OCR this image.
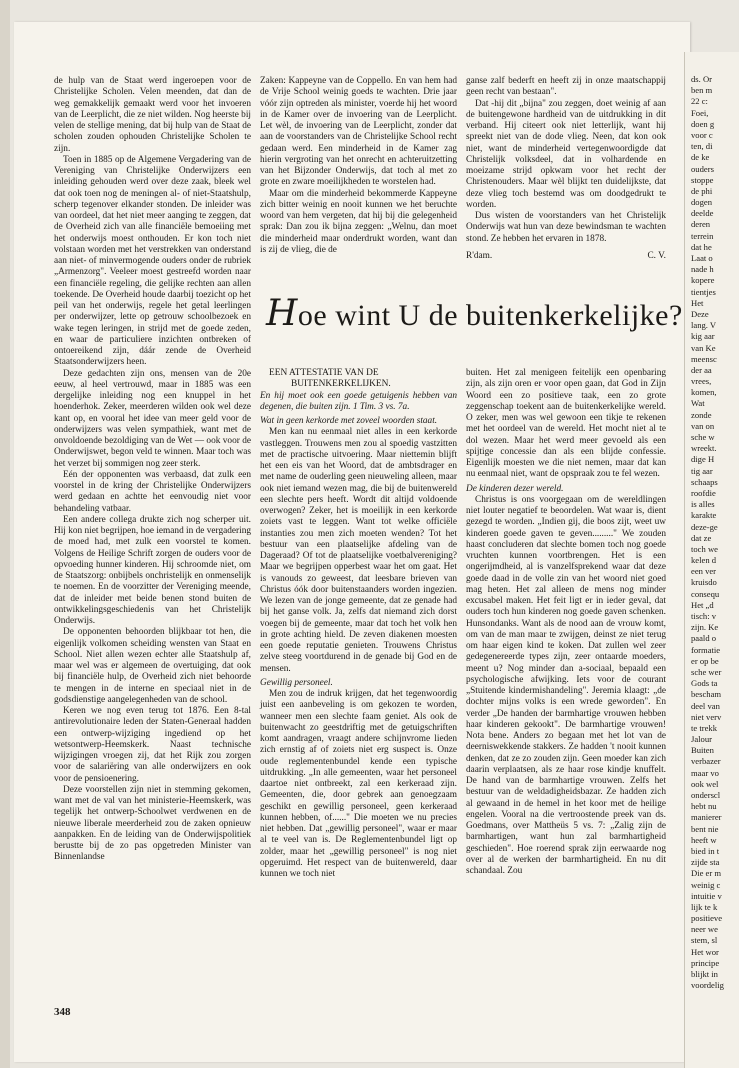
de hulp van de Staat werd ingeroepen voor de Christelijke Scholen. Velen meenden, dat dan de weg gemakkelijk gemaakt werd voor het invoeren van de Leerplicht, die ze niet wilden. Nog heerste bij velen de stellige mening, dat bij hulp van de Staat de scholen zouden ophouden Christelijke Scholen te zijn.

Toen in 1885 op de Algemene Vergadering van de Vereniging van Christelijke Onderwijzers een inleiding gehouden werd over deze zaak, bleek wel dat ook toen nog de meningen al- of niet-Staatshulp, scherp tegenover elkander stonden. De inleider was van oordeel, dat het niet meer aanging te zeggen, dat de Overheid zich van alle financiële bemoeiing met het onderwijs moest onthouden. Er kon toch niet volstaan worden met het verstrekken van onderstand aan niet- of minvermogende ouders onder de rubriek „Armenzorg". Veeleer moest gestreefd worden naar een financiële regeling, die gelijke rechten aan allen toekende. De Overheid houde daarbij toezicht op het peil van het onderwijs, regele het getal leerlingen per onderwijzer, lette op getrouw schoolbezoek en wake tegen leringen, in strijd met de goede zeden, en waar de particuliere inzichten ontbreken of ontoereikend zijn, dáár zende de Overheid Staatsonderwijzers heen.

Deze gedachten zijn ons, mensen van de 20e eeuw, al heel vertrouwd, maar in 1885 was een dergelijke inleiding nog een knuppel in het hoenderhok. Zeker, meerderen wilden ook wel deze kant op, en vooral het idee van meer geld voor de onderwijzers was velen sympathiek, want met de onvoldoende bezoldiging van de Wet — ook voor de Onderwijswet, begon veld te winnen. Maar toch was het verzet bij sommigen nog zeer sterk.

Eén der opponenten was verbaasd, dat zulk een voorstel in de kring der Christelijke Onderwijzers werd gedaan en achtte het eenvoudig niet voor behandeling vatbaar.

Een andere collega drukte zich nog scherper uit. Hij kon niet begrijpen, hoe iemand in de vergadering de moed had, met zulk een voorstel te komen. Volgens de Heilige Schrift zorgen de ouders voor de opvoeding hunner kinderen. Hij schroomde niet, om de Staatszorg: onbijbels onchristelijk en onmenselijk te noemen. En de voorzitter der Vereniging meende, dat de inleider met beide benen stond buiten de ontwikkelingsgeschiedenis van het Christelijk Onderwijs.

De opponenten behoorden blijkbaar tot hen, die eigenlijk volkomen scheiding wensten van Staat en School. Niet allen wezen echter alle Staatshulp af, maar wel was er algemeen de overtuiging, dat ook bij financiële hulp, de Overheid zich niet behoorde te mengen in de interne en speciaal niet in de godsdienstige aangelegenheden van de school.

Keren we nog even terug tot 1876. Een 8-tal antirevolutionaire leden der Staten-Generaal hadden een ontwerp-wijziging ingediend op het wetsontwerp-Heemskerk. Naast technische wijzigingen vroegen zij, dat het Rijk zou zorgen voor de salariëring van alle onderwijzers en ook voor de pensioenering.

Deze voorstellen zijn niet in stemming gekomen, want met de val van het ministerie-Heemskerk, was tegelijk het ontwerp-Schoolwet verdwenen en de nieuwe liberale meerderheid zou de zaken opnieuw aanpakken. En de leiding van de Onderwijspolitiek berustte bij de zo pas opgetreden Minister van Binnenlandse

Zaken: Kappeyne van de Coppello. En van hem had de Vrije School weinig goeds te wachten. Drie jaar vóór zijn optreden als minister, voerde hij het woord in de Kamer over de invoering van de Leerplicht. Let wèl, de invoering van de Leerplicht, zonder dat aan de voorstanders van de Christelijke School recht gedaan werd. Een minderheid in de Kamer zag hierin vergroting van het onrecht en achteruitzetting van het Bijzonder Onderwijs, dat toch al met zo grote en zware moeilijkheden te worstelen had.

Maar om die minderheid bekommerde Kappeyne zich bitter weinig en nooit kunnen we het beruchte woord van hem vergeten, dat hij bij die gelegenheid sprak: Dan zou ik bijna zeggen: „Welnu, dan moet die minderheid maar onderdrukt worden, want dan is zij de vlieg, die de

ganse zalf bederft en heeft zij in onze maatschappij geen recht van bestaan".

Dat -hij dit „bijna" zou zeggen, doet weinig af aan de buitengewone hardheid van de uitdrukking in dit verband. Hij citeert ook niet letterlijk, want hij spreekt niet van de dode vlieg. Neen, dat kon ook niet, want de minderheid vertegenwoordigde dat Christelijk volksdeel, dat in volhardende en moeizame strijd opkwam voor het recht der Christenouders. Maar wèl blijkt ten duidelijkste, dat deze vlieg toch bestemd was om doodgedrukt te worden.

Dus wisten de voorstanders van het Christelijk Onderwijs wat hun van deze bewindsman te wachten stond. Ze hebben het ervaren in 1878.

R'dam.	C. V.
Hoe wint U de buitenkerkelijke?

EEN ATTESTATIE VAN DE
BUITENKERKELIJKEN.

En hij moet ook een goede getuigenis hebben van degenen, die buiten zijn. 1 Tim. 3 vs. 7a.

Wat in geen kerkorde met zoveel woorden staat.

Men kan nu eenmaal niet alles in een kerkorde vastleggen. Trouwens men zou al spoedig vastzitten met de practische uitvoering. Maar niettemin blijft het een eis van het Woord, dat de ambtsdrager en met name de ouderling geen nieuweling alleen, maar ook niet iemand wezen mag, die bij de buitenwereld een slechte pers heeft. Wordt dit altijd voldoende overwogen? Zeker, het is moeilijk in een kerkorde zoiets vast te leggen. Want tot welke officiële instanties zou men zich moeten wenden? Tot het bestuur van een plaatselijke afdeling van de Dageraad? Of tot de plaatselijke voetbalvereniging? Maar we begrijpen opperbest waar het om gaat. Het is vanouds zo geweest, dat leesbare brieven van Christus óók door buitenstaanders worden ingezien. We lezen van de jonge gemeente, dat ze genade had bij het ganse volk. Ja, zelfs dat niemand zich dorst voegen bij de gemeente, maar dat toch het volk hen in grote achting hield. De zeven diakenen moesten een goede reputatie genieten. Trouwens Christus zelve steeg voortdurend in de genade bij God en de mensen.

Gewillig personeel.

Men zou de indruk krijgen, dat het tegenwoordig juist een aanbeveling is om gekozen te worden, wanneer men een slechte faam geniet. Als ook de buitenwacht zo geestdriftig met de getuigschriften komt aandragen, vraagt andere schijnvrome lieden zich ernstig af of zoiets niet erg suspect is. Onze oude reglementenbundel kende een typische uitdrukking. „In alle gemeenten, waar het personeel daartoe niet ontbreekt, zal een kerkeraad zijn. Gemeenten, die, door gebrek aan genoegzaam geschikt en gewillig personeel, geen kerkeraad kunnen hebben, of......" Die moeten we nu precies niet hebben. Dat „gewillig personeel", waar er maar al te veel van is. De Reglementenbundel ligt op zolder, maar het „gewillig personeel" is nog niet opgeruimd. Het respect van de buitenwereld, daar kunnen we toch niet

buiten. Het zal menigeen feitelijk een openbaring zijn, als zijn oren er voor open gaan, dat God in Zijn Woord een zo positieve taak, een zo grote zeggenschap toekent aan de buitenkerkelijke wereld. O zeker, men was wel gewoon een tikje te rekenen met het oordeel van de wereld. Het mocht niet al te dol wezen. Maar het werd meer gevoeld als een spijtige concessie dan als een blijde confessie. Eigenlijk moesten we die niet nemen, maar dat kan nu eenmaal niet, want de opspraak zou te fel wezen.

De kinderen dezer wereld.

Christus is ons voorgegaan om de wereldlingen niet louter negatief te beoordelen. Wat waar is, dient gezegd te worden. „Indien gij, die boos zijt, weet uw kinderen goede gaven te geven........." We zouden haast concluderen dat slechte bomen toch nog goede vruchten kunnen voortbrengen. Het is een ongerijmdheid, al is vanzelfsprekend waar dat deze goede daad in de volle zin van het woord niet goed mag heten. Het zal alleen de mens nog minder excusabel maken. Het feit ligt er in ieder geval, dat ouders toch hun kinderen nog goede gaven schenken. Hunsondanks. Want als de nood aan de vrouw komt, om van de man maar te zwijgen, deinst ze niet terug om haar eigen kind te koken. Dat zullen wel zeer gedegenereerde types zijn, zeer ontaarde moeders, meent u? Nog minder dan a-sociaal, bepaald een psychologische afwijking. Iets voor de courant „Stuitende kindermishandeling". Jeremia klaagt: „de dochter mijns volks is een wrede geworden". En verder „De handen der barmhartige vrouwen hebben haar kinderen gekookt". De barmhartige vrouwen! Nota bene. Anders zo begaan met het lot van de deerniswekkende stakkers. Ze hadden 't nooit kunnen denken, dat ze zo zouden zijn. Geen moeder kan zich daarin verplaatsen, als ze haar rose kindje knuffelt. De hand van de barmhartige vrouwen. Zelfs het bestuur van de weldadigheidsbazar. Ze hadden zich al gewaand in de hemel in het koor met de heilige engelen. Vooral na die vertroostende preek van ds. Goedmans, over Mattheüs 5 vs. 7: „Zalig zijn de barmhartigen, want hun zal barmhartigheid geschieden". Hoe roerend sprak zijn eerwaarde nog over al de werken der barmhartigheid. En nu dit schandaal. Zou

348
ds. Or
ben m
22 c:
Foei,
doen g
voor c
ten, di
de ke
ouders
stoppe
de phi
dogen
deelde
deren
terrein
dat he
Laat o
nade h
kopere
tientjes
Het
Deze
lang. V
kig aar
van Ke
meensc
der aa
vrees,
komen,
Wat
zonde
van on
sche w
wreekt.
dige H
tig aar
schaaps
roofdie
is alles
karakte
deze-ge
dat ze
toch we
kelen d
een ver
kruisdo
consequ
Het „d
tisch: v
zijn. Ke
paald o
formatie
er op be
sche wer
Gods ta
bescham
deel van
niet verv
te trekk
Jalour
Buiten
verbazer
maar vo
ook wel
onderscl
hebt nu
manierer
bent nie
heeft w
bied in t
zijde sta
Die er m
weinig c
intuitie v
lijk te k
positieve
neer we
stem, sl
Het wor
principe
blijkt in
voordelig
